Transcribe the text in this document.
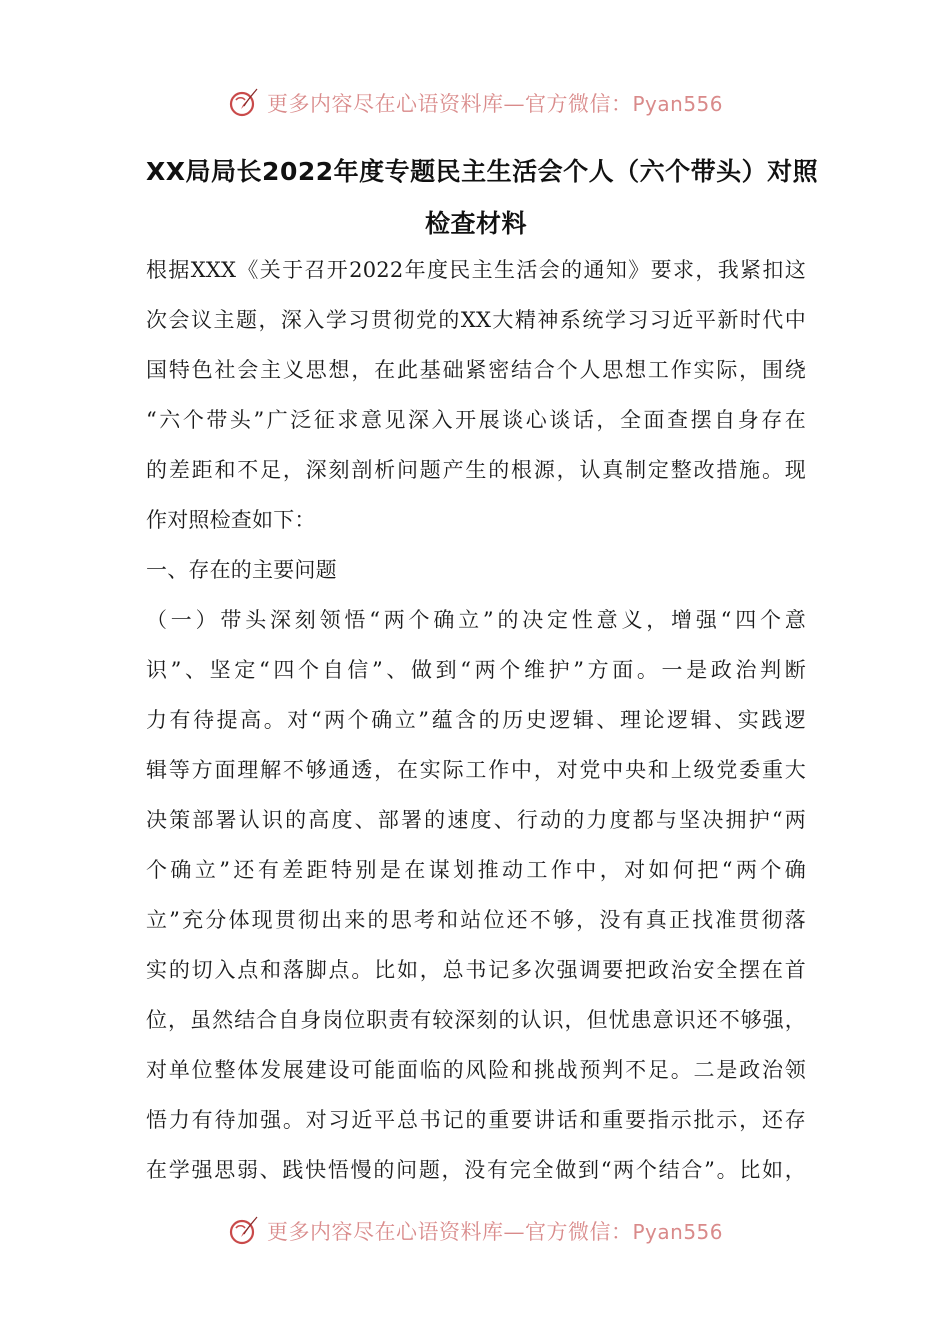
更多内容尽在心语资料库—官方微信：Pyan556
XX局局长2022年度专题民主生活会个人（六个带头）对照
检查材料
根据XXX《关于召开2022年度民主生活会的通知》要求，我紧扣这
次会议主题，深入学习贯彻党的XX大精神系统学习习近平新时代中
国特色社会主义思想，在此基础紧密结合个人思想工作实际，围绕
“六个带头”广泛征求意见深入开展谈心谈话，全面查摆自身存在
的差距和不足，深刻剖析问题产生的根源，认真制定整改措施。现
作对照检查如下：
一、存在的主要问题
（一）带头深刻领悟“两个确立”的决定性意义，增强“四个意
识”、坚定“四个自信”、做到“两个维护”方面。一是政治判断
力有待提高。对“两个确立”蕴含的历史逻辑、理论逻辑、实践逻
辑等方面理解不够通透，在实际工作中，对党中央和上级党委重大
决策部署认识的高度、部署的速度、行动的力度都与坚决拥护“两
个确立”还有差距特别是在谋划推动工作中，对如何把“两个确
立”充分体现贯彻出来的思考和站位还不够，没有真正找准贯彻落
实的切入点和落脚点。比如，总书记多次强调要把政治安全摆在首
位，虽然结合自身岗位职责有较深刻的认识，但忧患意识还不够强，
对单位整体发展建设可能面临的风险和挑战预判不足。二是政治领
悟力有待加强。对习近平总书记的重要讲话和重要指示批示，还存
在学强思弱、践快悟慢的问题，没有完全做到“两个结合”。比如，
更多内容尽在心语资料库—官方微信：Pyan556
